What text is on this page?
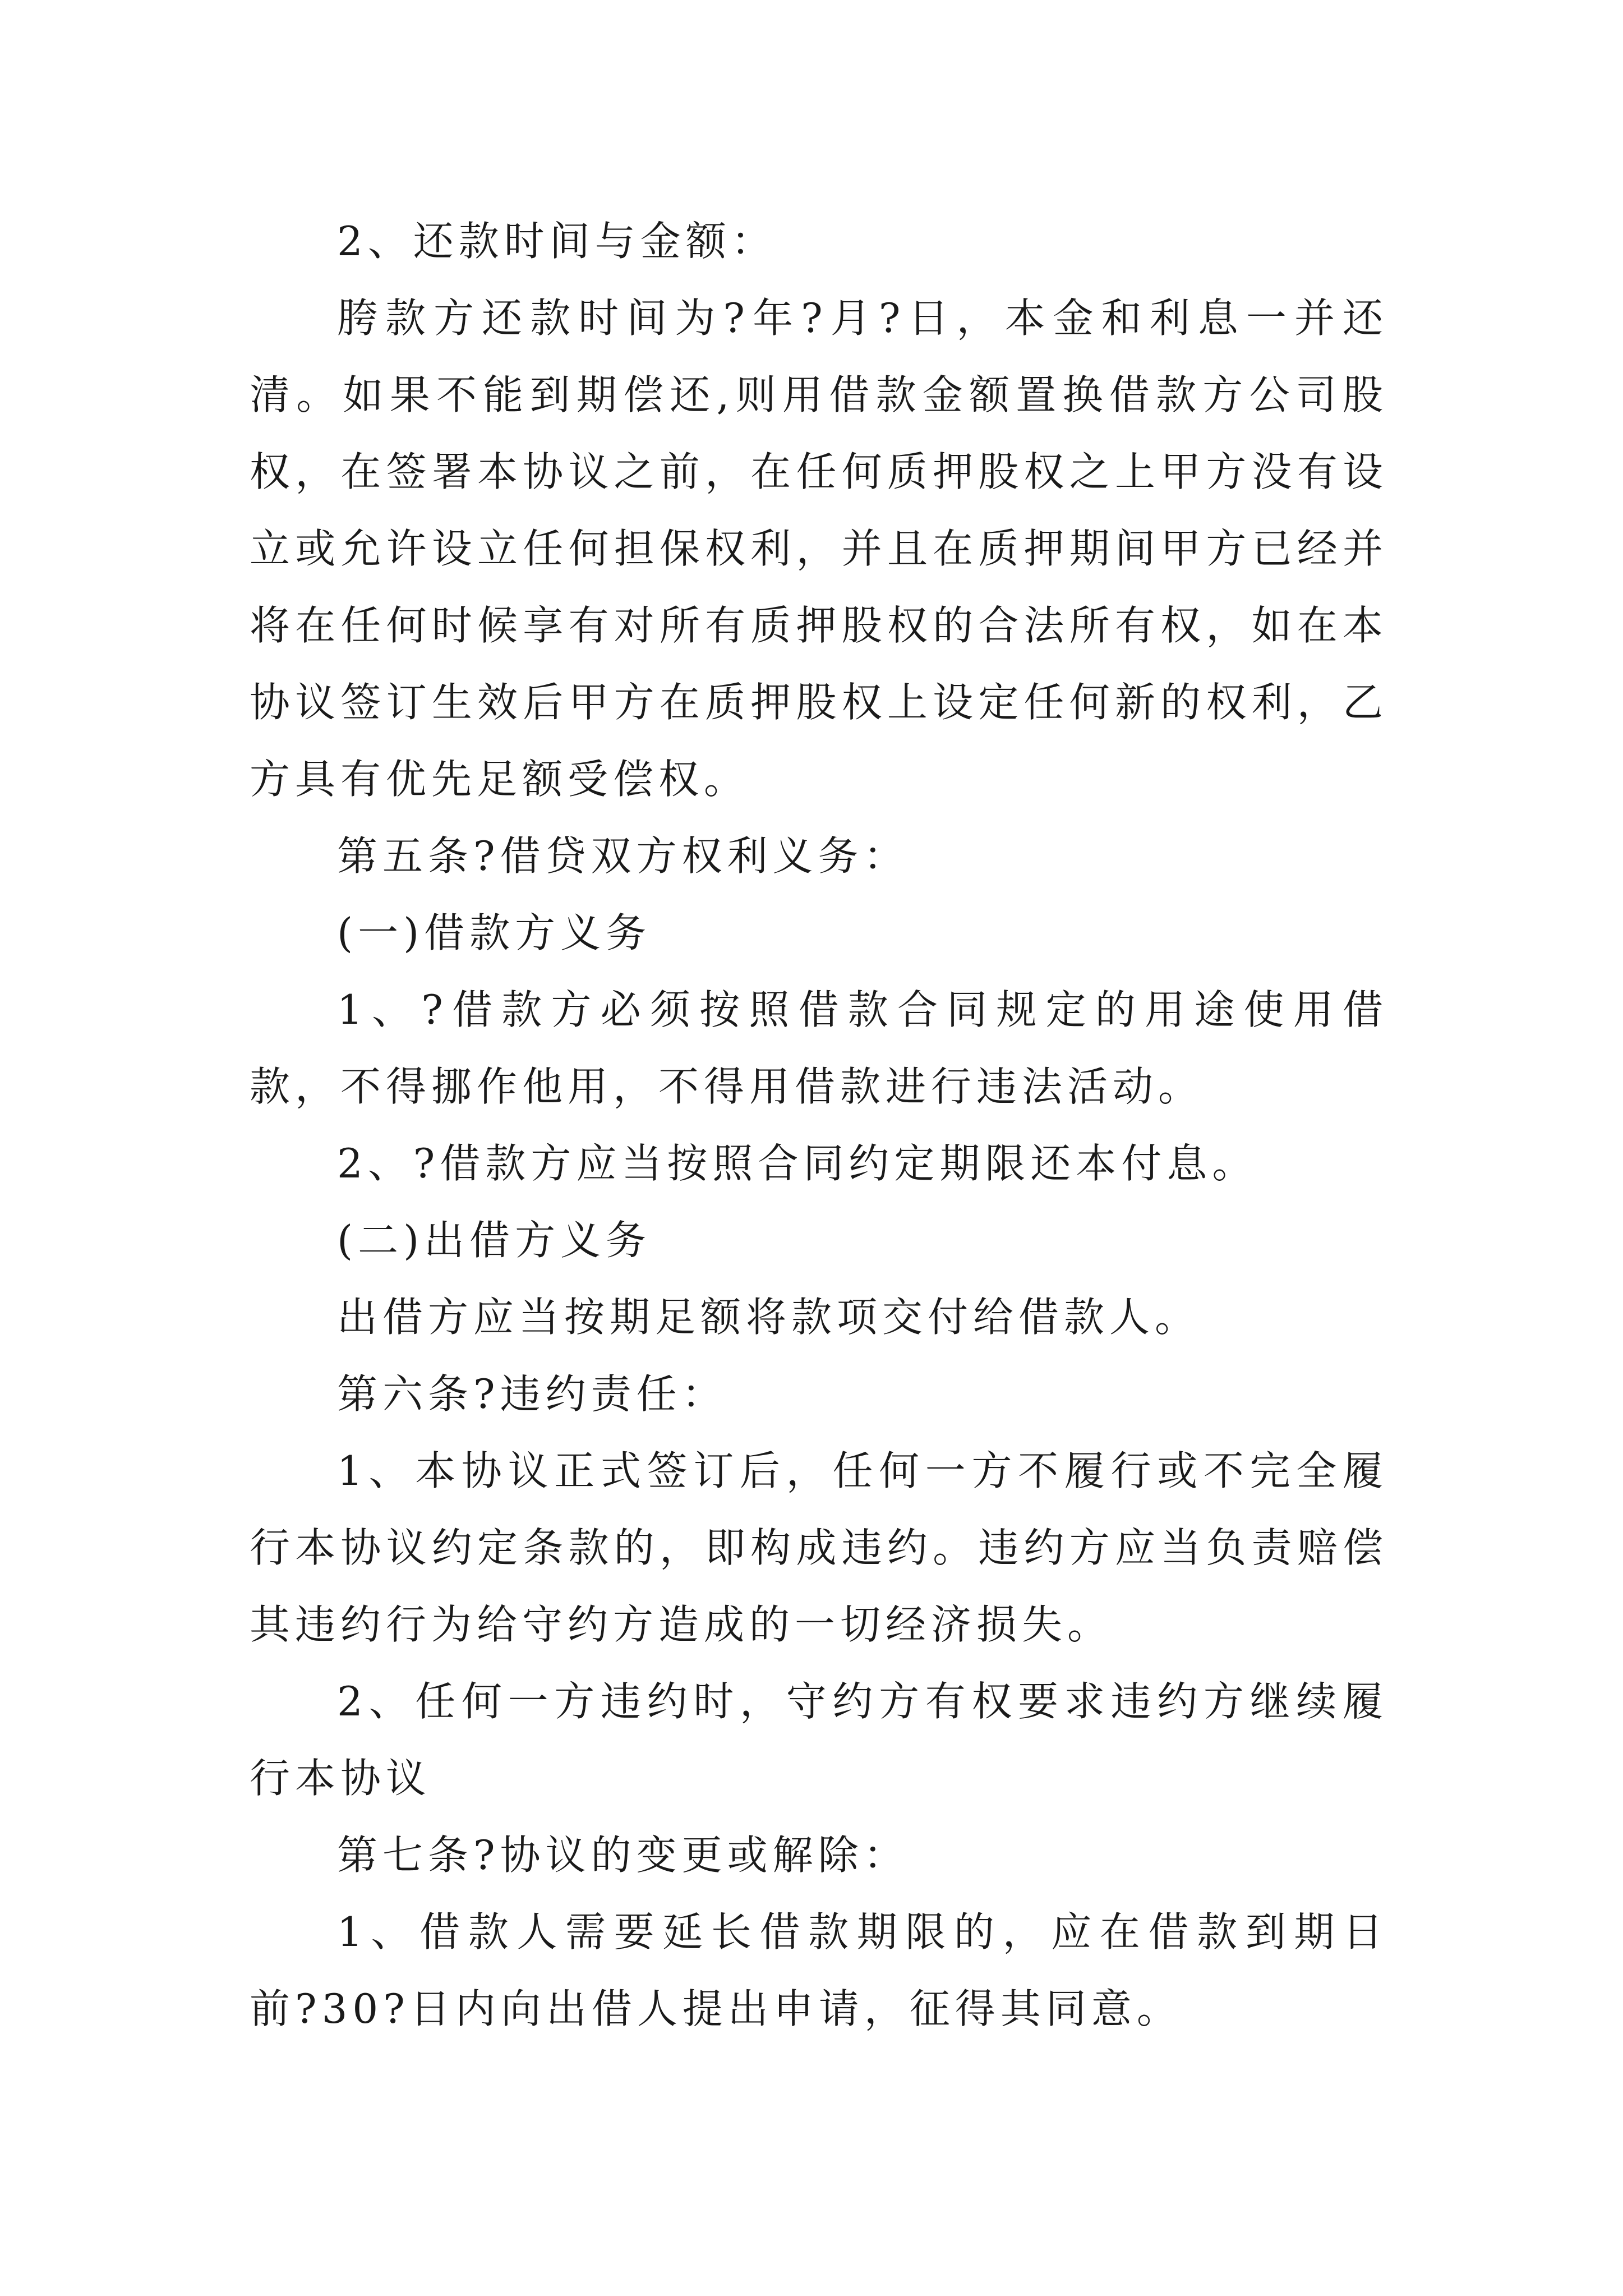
2、还款时间与金额：

胯款方还款时间为?年?月?日，本金和利息一并还清。如果不能到期偿还,则用借款金额置换借款方公司股权，在签署本协议之前，在任何质押股权之上甲方没有设立或允许设立任何担保权利，并且在质押期间甲方已经并将在任何时候享有对所有质押股权的合法所有权，如在本协议签订生效后甲方在质押股权上设定任何新的权利，乙方具有优先足额受偿权。

第五条?借贷双方权利义务：

(一)借款方义务

1、?借款方必须按照借款合同规定的用途使用借款，不得挪作他用，不得用借款进行违法活动。

2、?借款方应当按照合同约定期限还本付息。

(二)出借方义务

出借方应当按期足额将款项交付给借款人。

第六条?违约责任：

1、本协议正式签订后，任何一方不履行或不完全履行本协议约定条款的，即构成违约。违约方应当负责赔偿其违约行为给守约方造成的一切经济损失。

2、任何一方违约时，守约方有权要求违约方继续履行本协议

第七条?协议的变更或解除：

1、借款人需要延长借款期限的，应在借款到期日前?30?日内向出借人提出申请，征得其同意。
